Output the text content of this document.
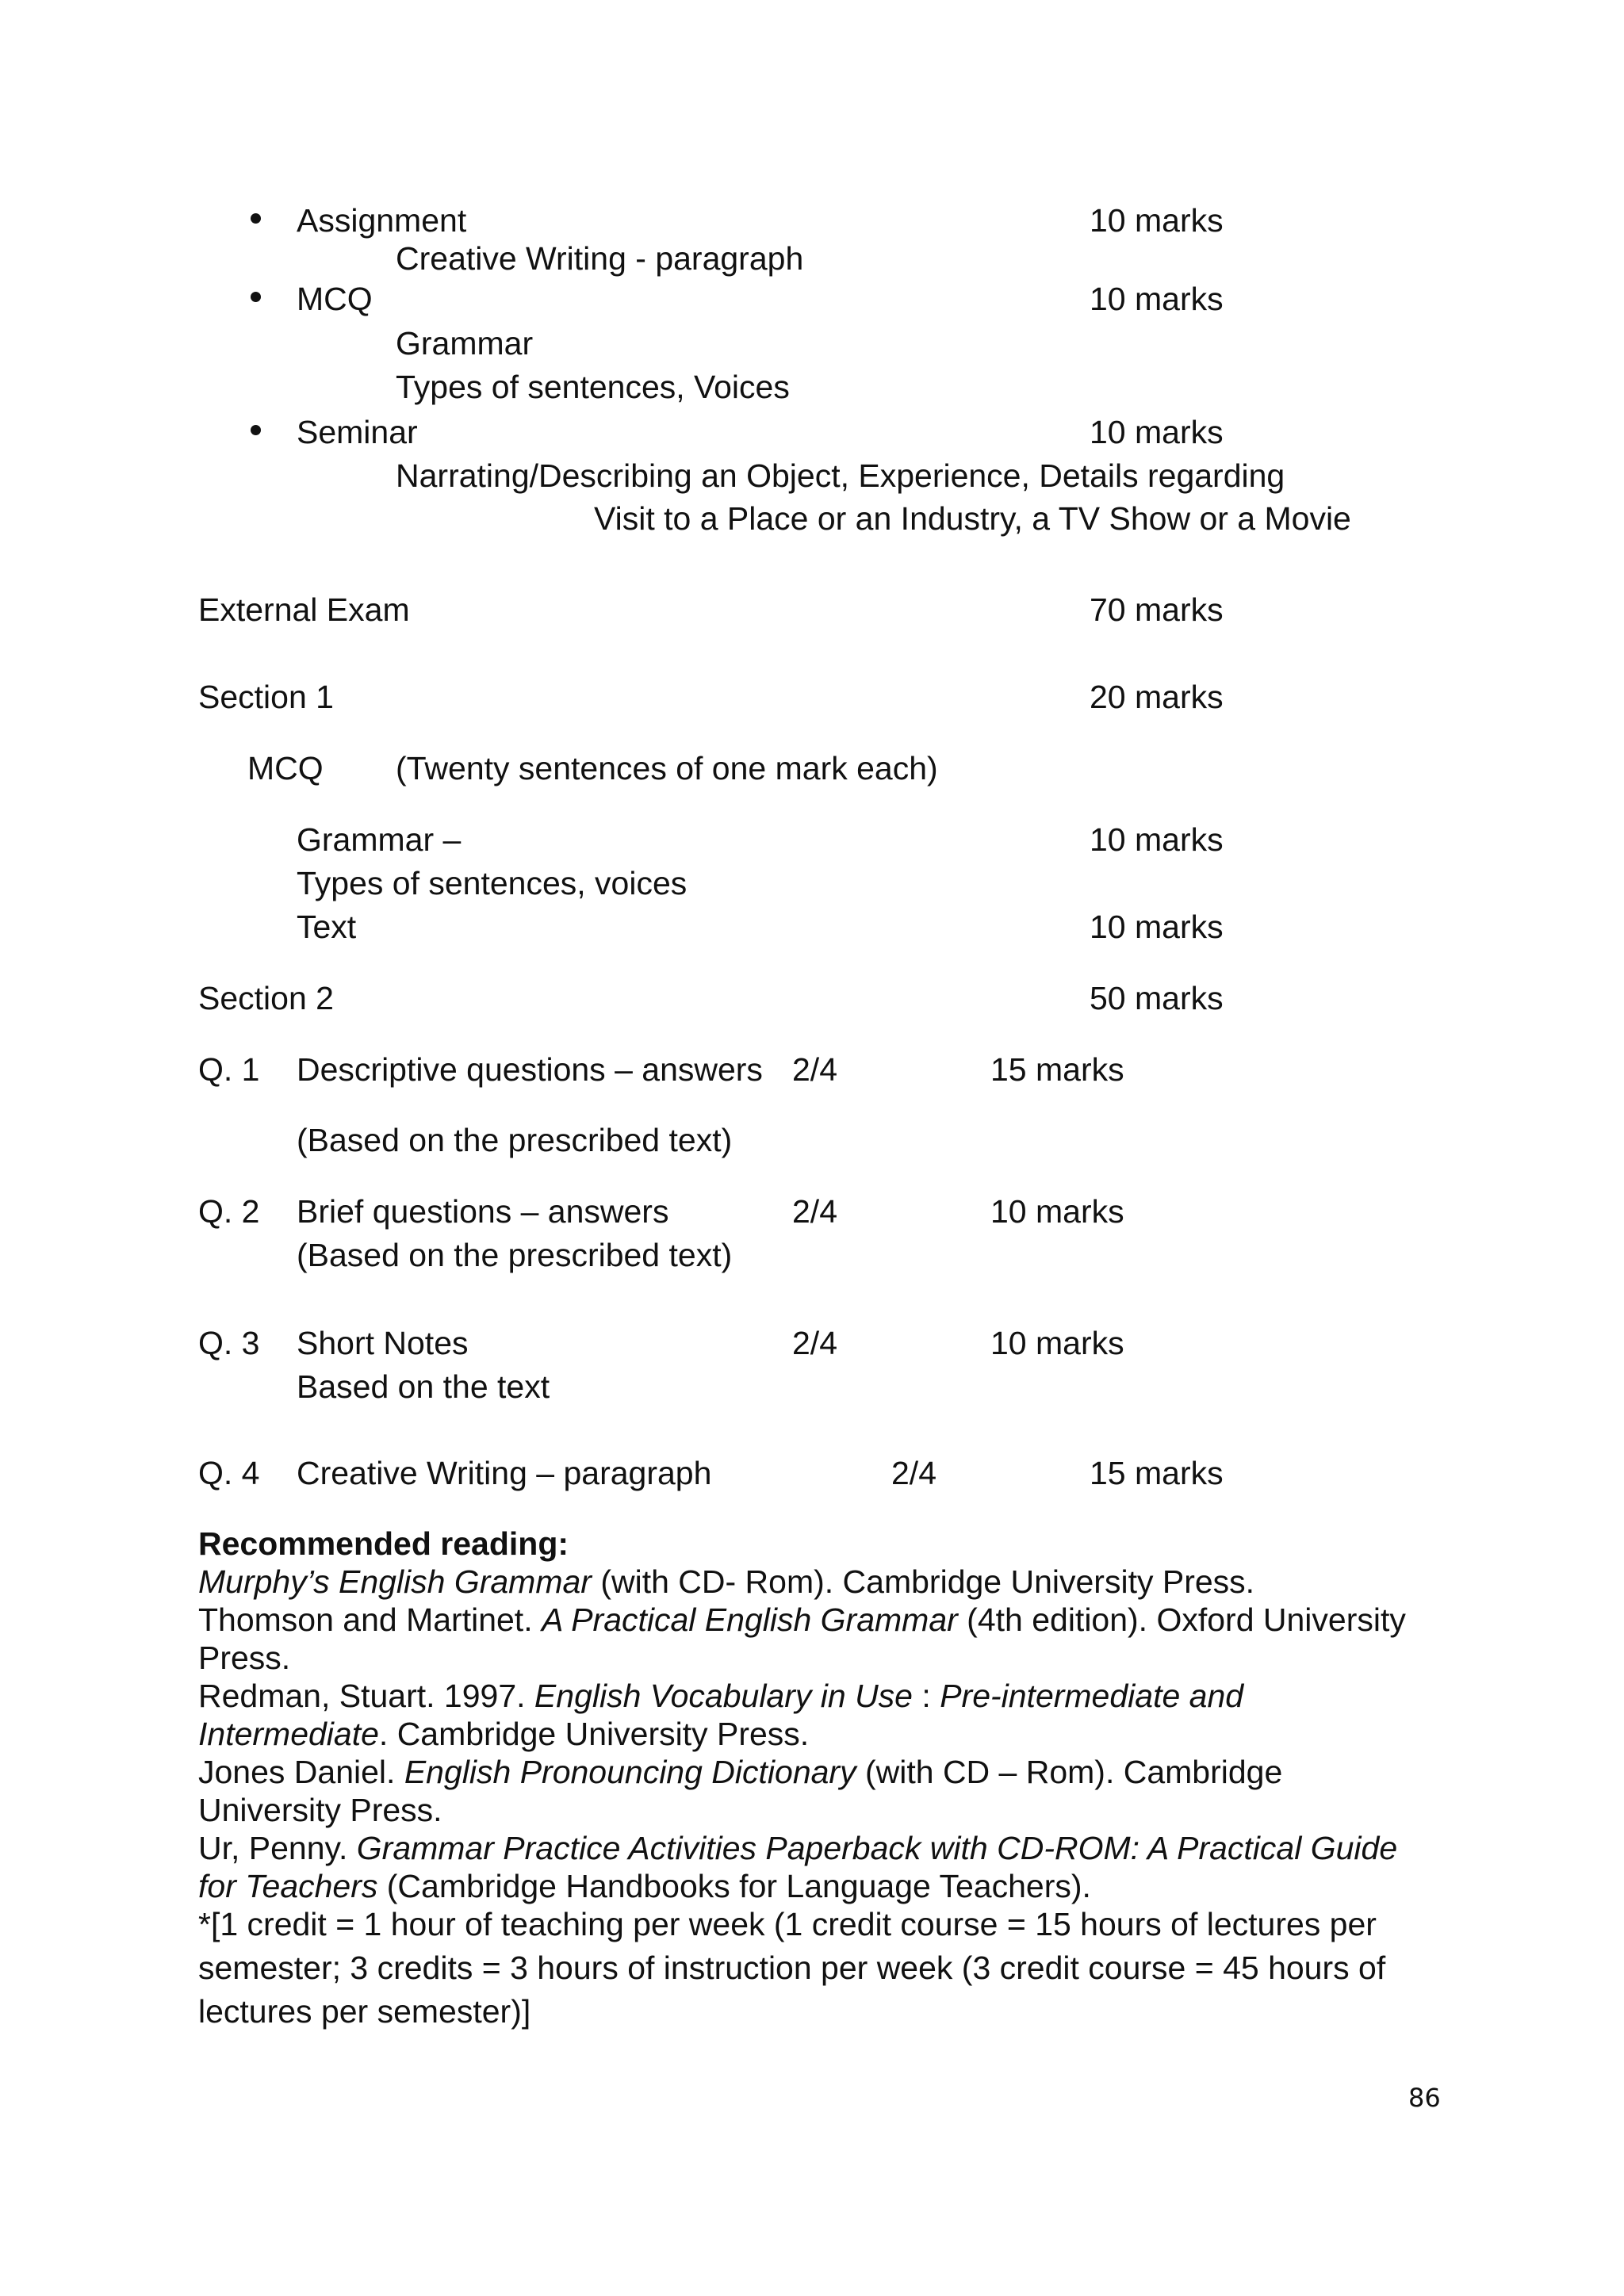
Assignment	10 marks
Creative Writing - paragraph
MCQ	10 marks
Grammar
Types of sentences, Voices
Seminar	10 marks
Narrating/Describing an Object, Experience, Details regarding
Visit to a Place or an Industry, a TV Show or a Movie
External Exam	70 marks
Section 1	20 marks
MCQ (Twenty sentences of one mark each)
Grammar –	10 marks
Types of sentences, voices
Text	10 marks
Section 2	50 marks
Q. 1 Descriptive questions – answers 2/4	15 marks
(Based on the prescribed text)
Q. 2 Brief questions – answers	2/4	10 marks
(Based on the prescribed text)
Q. 3 Short Notes	2/4	10 marks
Based on the text
Q. 4 Creative Writing – paragraph	2/4	15 marks
Recommended reading:
Murphy’s English Grammar (with CD- Rom). Cambridge University Press.
Thomson and Martinet. A Practical English Grammar (4th edition). Oxford University
Press.
Redman, Stuart. 1997. English Vocabulary in Use : Pre-intermediate and
Intermediate. Cambridge University Press.
Jones Daniel. English Pronouncing Dictionary (with CD – Rom). Cambridge
University Press.
Ur, Penny. Grammar Practice Activities Paperback with CD-ROM: A Practical Guide
for Teachers (Cambridge Handbooks for Language Teachers).
*[1 credit = 1 hour of teaching per week (1 credit course = 15 hours of lectures per
semester; 3 credits = 3 hours of instruction per week (3 credit course = 45 hours of
lectures per semester)]
86
